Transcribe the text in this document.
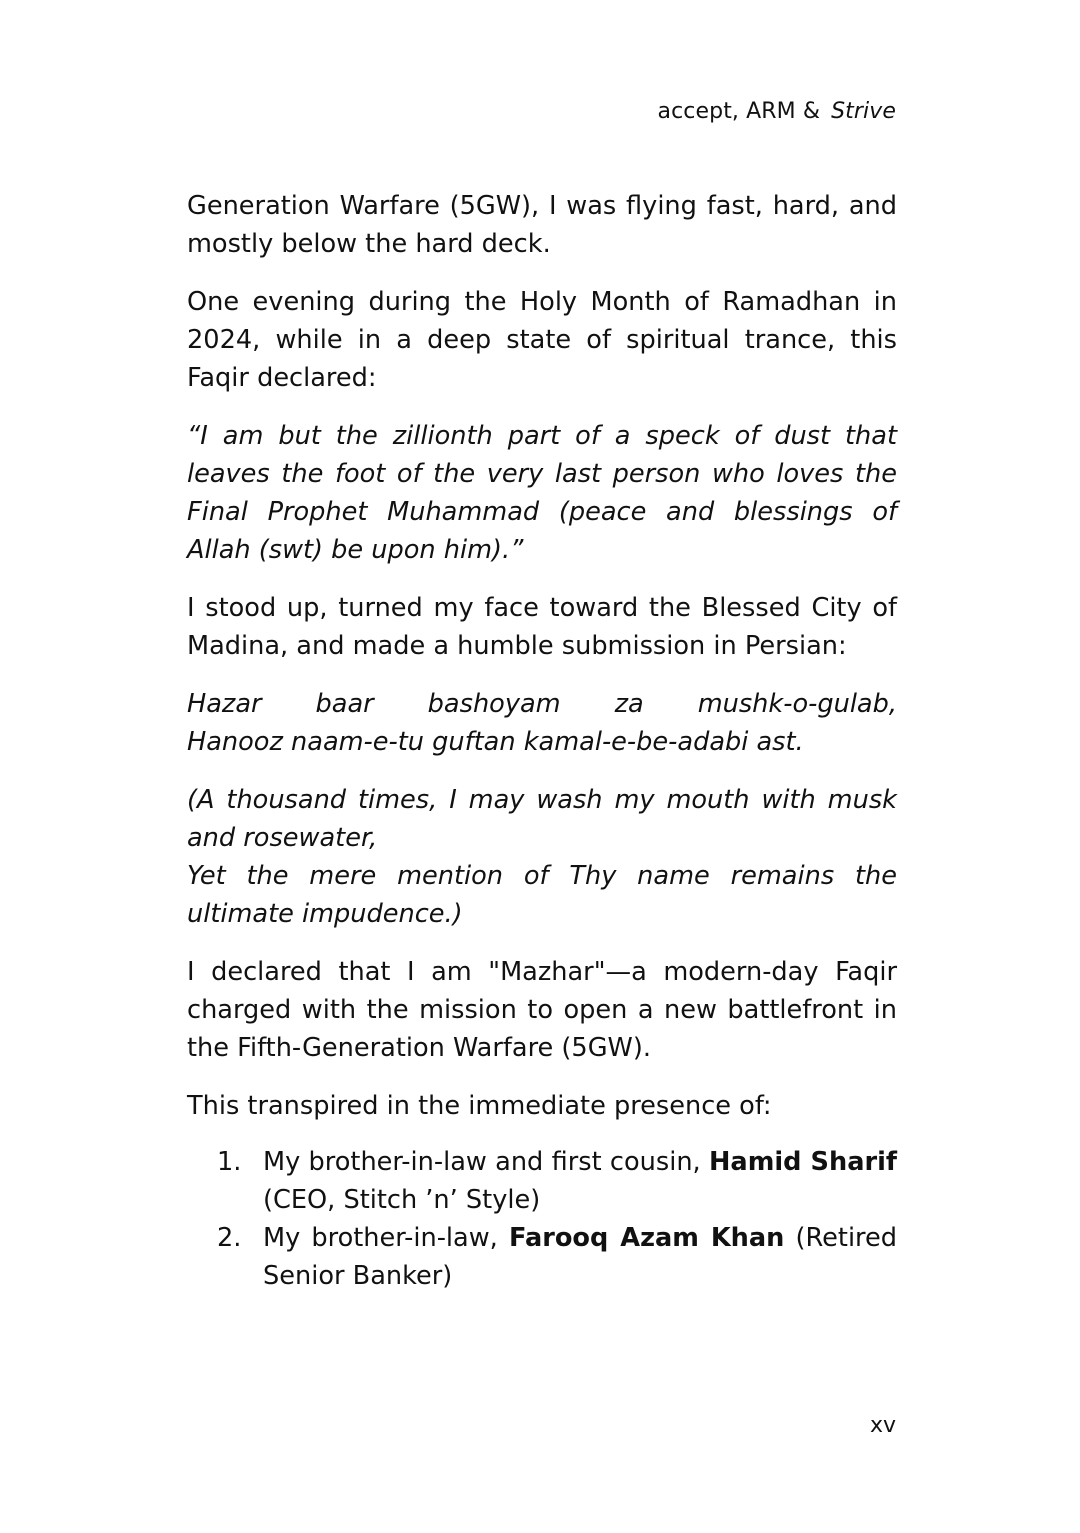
accept, ARM & Strive

Generation Warfare (5GW), I was flying fast, hard, and mostly below the hard deck.

One evening during the Holy Month of Ramadhan in 2024, while in a deep state of spiritual trance, this Faqir declared:

“I am but the zillionth part of a speck of dust that leaves the foot of the very last person who loves the Final Prophet Muhammad (peace and blessings of Allah (swt) be upon him).”

I stood up, turned my face toward the Blessed City of Madina, and made a humble submission in Persian:

Hazar baar bashoyam za mushk-o-gulab,
Hanooz naam-e-tu guftan kamal-e-be-adabi ast.

(A thousand times, I may wash my mouth with musk and rosewater,
Yet the mere mention of Thy name remains the ultimate impudence.)

I declared that I am "Mazhar"—a modern-day Faqir charged with the mission to open a new battlefront in the Fifth-Generation Warfare (5GW).

This transpired in the immediate presence of:

1. My brother-in-law and first cousin, Hamid Sharif (CEO, Stitch ’n’ Style)
2. My brother-in-law, Farooq Azam Khan (Retired Senior Banker)
xv
